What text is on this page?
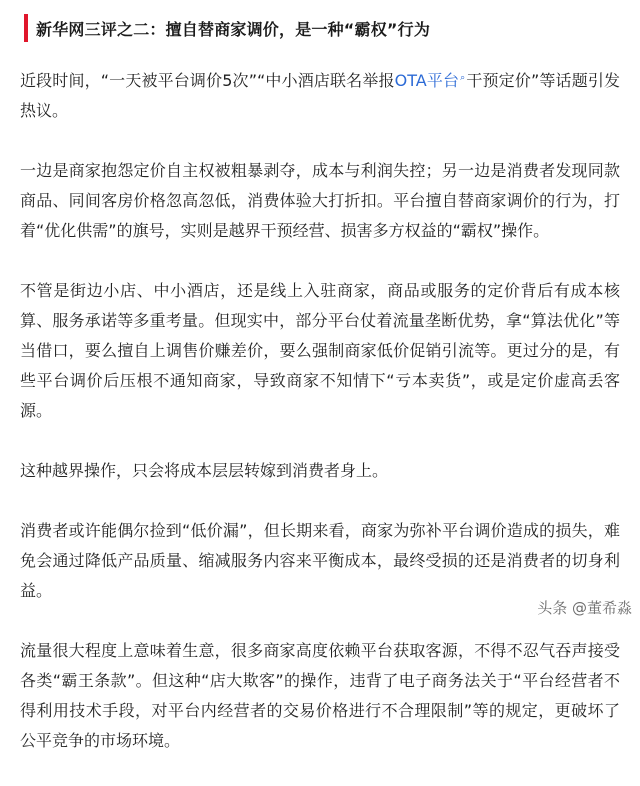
新华网三评之二：擅自替商家调价，是一种“霸权”行为

近段时间，“一天被平台调价5次”“中小酒店联名举报OTA平台⌕干预定价”等话题引发热议。

一边是商家抱怨定价自主权被粗暴剥夺，成本与利润失控；另一边是消费者发现同款商品、同间客房价格忽高忽低，消费体验大打折扣。平台擅自替商家调价的行为，打着“优化供需”的旗号，实则是越界干预经营、损害多方权益的“霸权”操作。

不管是街边小店、中小酒店，还是线上入驻商家，商品或服务的定价背后有成本核算、服务承诺等多重考量。但现实中，部分平台仗着流量垄断优势，拿“算法优化”等当借口，要么擅自上调售价赚差价，要么强制商家低价促销引流等。更过分的是，有些平台调价后压根不通知商家，导致商家不知情下“亏本卖货”，或是定价虚高丢客源。

这种越界操作，只会将成本层层转嫁到消费者身上。

消费者或许能偶尔捡到“低价漏”，但长期来看，商家为弥补平台调价造成的损失，难免会通过降低产品质量、缩减服务内容来平衡成本，最终受损的还是消费者的切身利益。

流量很大程度上意味着生意，很多商家高度依赖平台获取客源，不得不忍气吞声接受各类“霸王条款”。但这种“店大欺客”的操作，违背了电子商务法关于“平台经营者不得利用技术手段，对平台内经营者的交易价格进行不合理限制”等的规定，更破坏了公平竞争的市场环境。

头条 @董希淼
